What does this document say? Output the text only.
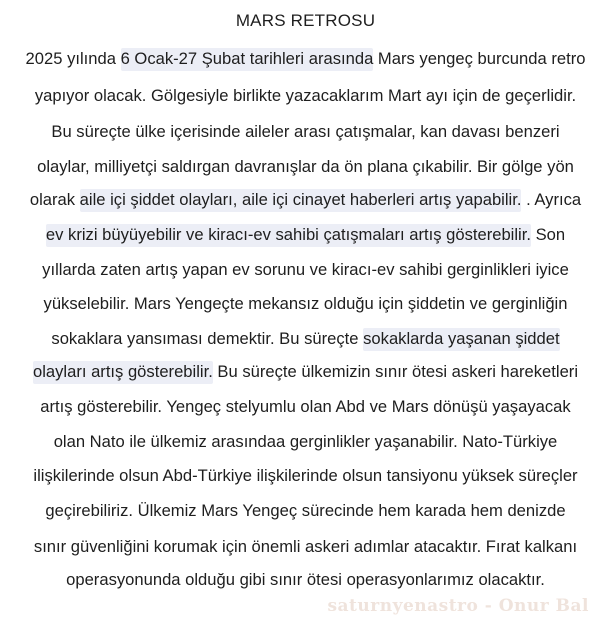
MARS RETROSU
2025 yılında 6 Ocak-27 Şubat tarihleri arasında Mars yengeç burcunda retro
yapıyor olacak. Gölgesiyle birlikte yazacaklarım Mart ayı için de geçerlidir.
Bu süreçte ülke içerisinde aileler arası çatışmalar, kan davası benzeri
olaylar, milliyetçi saldırgan davranışlar da ön plana çıkabilir. Bir gölge yön
olarak aile içi şiddet olayları, aile içi cinayet haberleri artış yapabilir. . Ayrıca
ev krizi büyüyebilir ve kiracı-ev sahibi çatışmaları artış gösterebilir. Son
yıllarda zaten artış yapan ev sorunu ve kiracı-ev sahibi gerginlikleri iyice
yükselebilir. Mars Yengeçte mekansız olduğu için şiddetin ve gerginliğin
sokaklara yansıması demektir. Bu süreçte sokaklarda yaşanan şiddet
olayları artış gösterebilir. Bu süreçte ülkemizin sınır ötesi askeri hareketleri
artış gösterebilir. Yengeç stelyumlu olan Abd ve Mars dönüşü yaşayacak
olan Nato ile ülkemiz arasındaa gerginlikler yaşanabilir. Nato-Türkiye
ilişkilerinde olsun Abd-Türkiye ilişkilerinde olsun tansiyonu yüksek süreçler
geçirebiliriz. Ülkemiz Mars Yengeç sürecinde hem karada hem denizde
sınır güvenliğini korumak için önemli askeri adımlar atacaktır. Fırat kalkanı
operasyonunda olduğu gibi sınır ötesi operasyonlarımız olacaktır.
saturnyenastro - Onur Bal
